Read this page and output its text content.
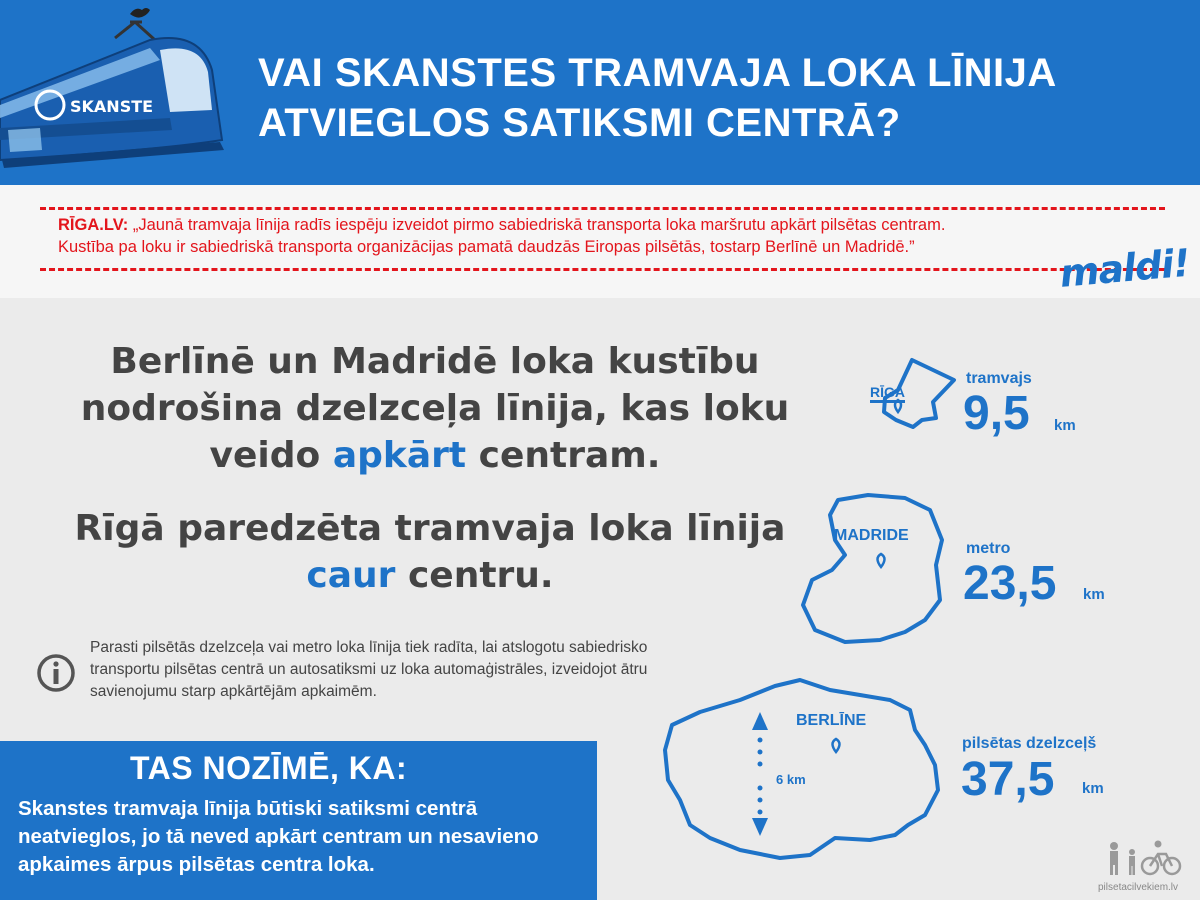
SKANSTE

VAI SKANSTES TRAMVAJA LOKA LĪNIJA
ATVIEGLOS SATIKSMI CENTRĀ?

RĪGA.LV: „Jaunā tramvaja līnija radīs iespēju izveidot pirmo sabiedriskā transporta loka maršrutu apkārt pilsētas centram.
Kustība pa loku ir sabiedriskā transporta organizācijas pamatā daudzās Eiropas pilsētās, tostarp Berlīnē un Madridē.”	maldi!

Berlīnē un Madridē loka kustību nodrošina dzelzceļa līnija, kas loku veido apkārt centram.

Rīgā paredzēta tramvaja loka līnija caur centru.

Parasti pilsētās dzelzceļa vai metro loka līnija tiek radīta, lai atslogotu sabiedrisko transportu pilsētas centrā un autosatiksmi uz loka automaģistrāles, izveidojot ātru savienojumu starp apkārtējām apkaimēm.

TAS NOZĪMĒ, KA:

Skanstes tramvaja līnija būtiski satiksmi centrā neatvieglos, jo tā neved apkārt centram un nesavieno apkaimes ārpus pilsētas centra loka.

RĪGA
MADRIDE
BERLĪNE
6 km
tramvajs
9,5 km
metro
23,5 km
pilsētas dzelzceļš
37,5 km
pilsetacilvekiem.lv
